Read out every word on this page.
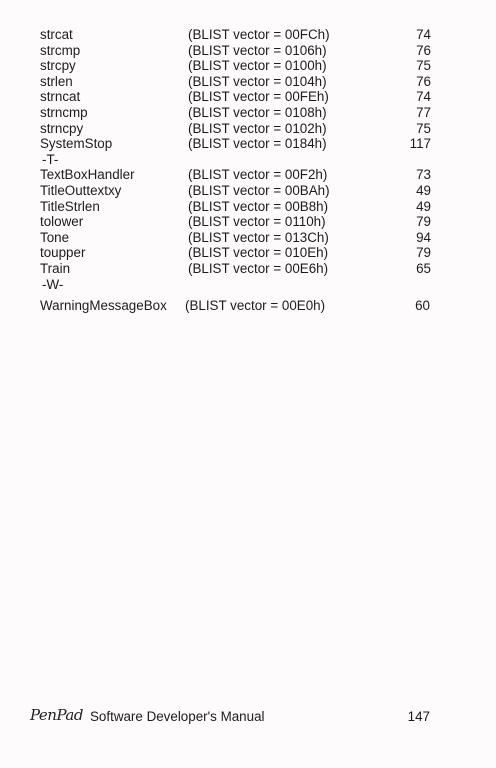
strcat	(BLIST vector = 00FCh)	74
strcmp	(BLIST vector = 0106h)	76
strcpy	(BLIST vector = 0100h)	75
strlen	(BLIST vector = 0104h)	76
strncat	(BLIST vector = 00FEh)	74
strncmp	(BLIST vector = 0108h)	77
strncpy	(BLIST vector = 0102h)	75
SystemStop	(BLIST vector = 0184h)	117
-T-
TextBoxHandler	(BLIST vector = 00F2h)	73
TitleOuttextxy	(BLIST vector = 00BAh)	49
TitleStrlen	(BLIST vector = 00B8h)	49
tolower	(BLIST vector = 0110h)	79
Tone	(BLIST vector = 013Ch)	94
toupper	(BLIST vector = 010Eh)	79
Train	(BLIST vector = 00E6h)	65
-W-
WarningMessageBox (BLIST vector = 00E0h)	60
PenPad Software Developer's Manual	147
